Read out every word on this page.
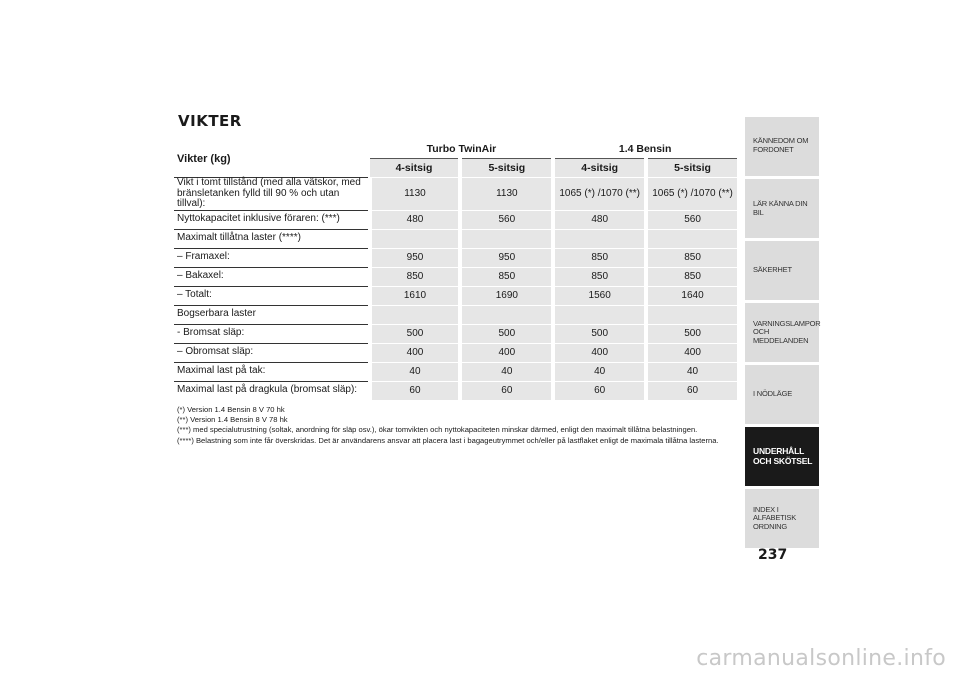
VIKTER
Vikter (kg)	Turbo TwinAir		1.4 Bensin	
	4-sitsig	5-sitsig	4-sitsig	5-sitsig
Vikt i tomt tillstånd (med alla vätskor, med bränsletanken fylld till 90 % och utan tillval):	1130	1130	1065 (*) /1070 (**)	1065 (*) /1070 (**)
Nyttokapacitet inklusive föraren: (***)	480	560	480	560
Maximalt tillåtna laster (****)				
– Framaxel:	950	950	850	850
– Bakaxel:	850	850	850	850
– Totalt:	1610	1690	1560	1640
Bogserbara laster				
- Bromsat släp:	500	500	500	500
– Obromsat släp:	400	400	400	400
Maximal last på tak:	40	40	40	40
Maximal last på dragkula (bromsat släp):	60	60	60	60
(*) Version 1.4 Bensin 8 V 70 hk
(**) Version 1.4 Bensin 8 V 78 hk
(***) med specialutrustning (soltak, anordning för släp osv.), ökar tomvikten och nyttokapaciteten minskar därmed, enligt den maximalt tillåtna belastningen.
(****) Belastning som inte får överskridas. Det är användarens ansvar att placera last i bagageutrymmet och/eller på lastflaket enligt de maximala tillåtna lasterna.
KÄNNEDOM OM FORDONET
LÄR KÄNNA DIN BIL
SÄKERHET
VARNINGSLAMPOR OCH MEDDELANDEN
I NÖDLÄGE
UNDERHÅLL OCH SKÖTSEL
INDEX I ALFABETISK ORDNING
237
carmanualsonline.info
